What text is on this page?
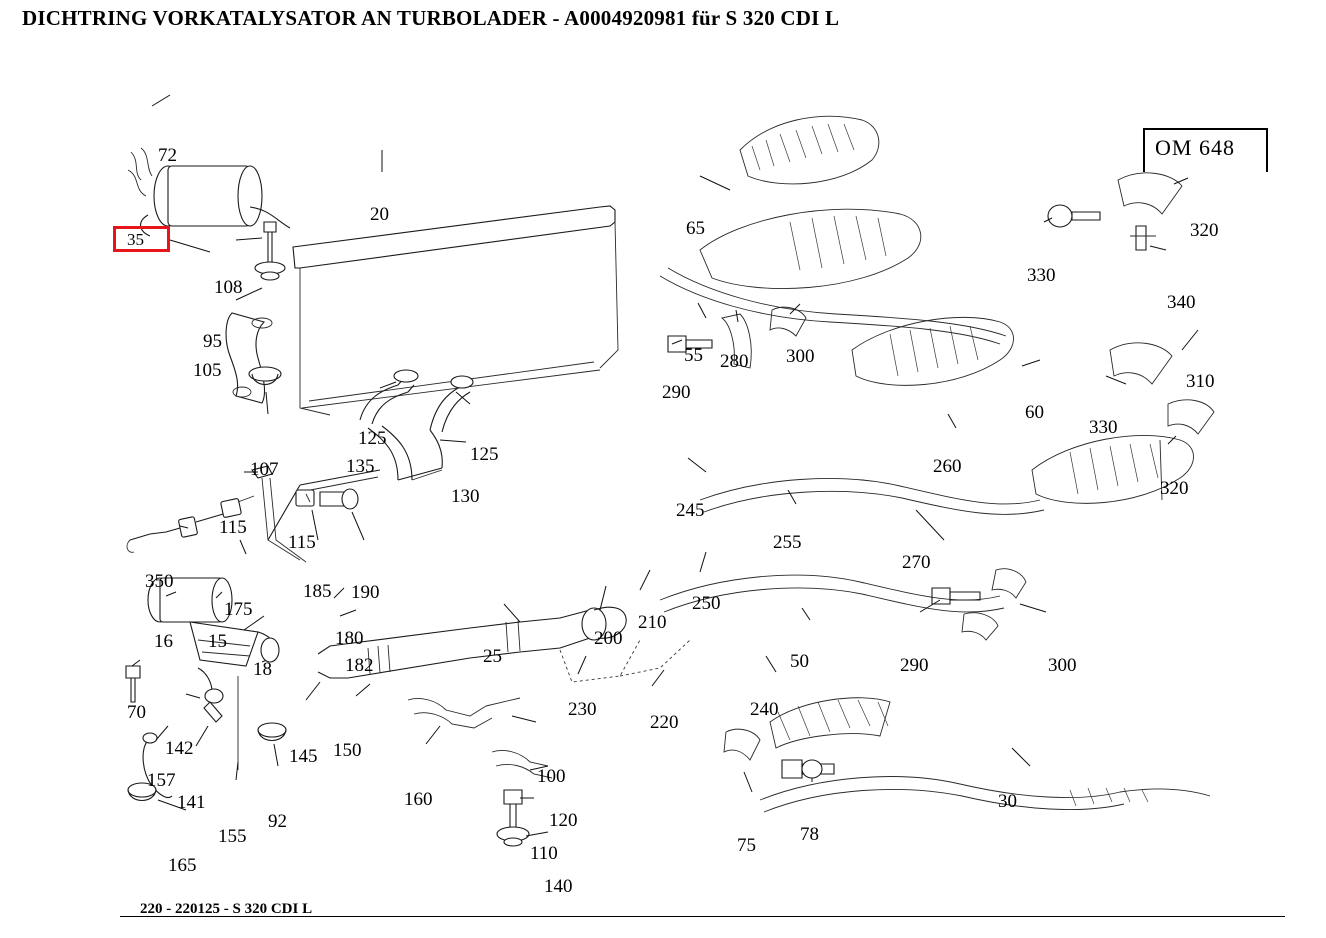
DICHTRING VORKATALYSATOR AN TURBOLADER - A0004920981 für S 320 CDI L
35
OM 648
72
20
65	320
330
340
108
95
105
55 280 300
290
310
330
60
320
125
125
135
130
107	260
245
255
270
115
115
185 190
350
175
180
182
16 15
18
250
210
200
25	50	290	300
240
220
230
70
142	145 150
157
141
155
92
165
160
100
120
110
140
75
78
30
220 - 220125 - S 320 CDI L
